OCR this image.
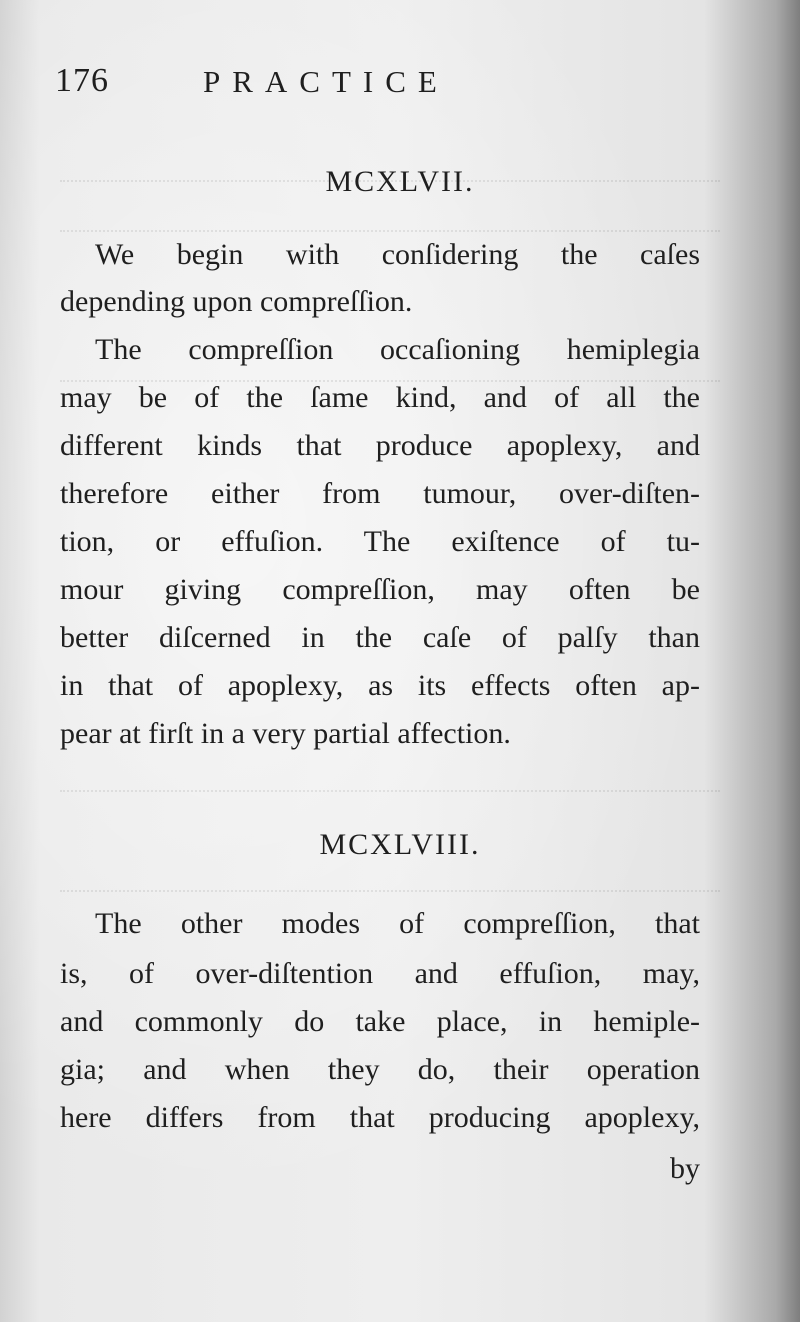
176	PRACTICE
MCXLVII.
We begin with conſidering the caſes
depending upon compreſſion.
The compreſſion occaſioning hemiplegia
may be of the ſame kind, and of all the
different kinds that produce apoplexy, and
therefore either from tumour, over-diſten-
tion, or effuſion. The exiſtence of tu-
mour giving compreſſion, may often be
better diſcerned in the caſe of palſy than
in that of apoplexy, as its effects often ap-
pear at firſt in a very partial affection.
MCXLVIII.
The other modes of compreſſion, that
is, of over-diſtention and effuſion, may,
and commonly do take place, in hemiple-
gia; and when they do, their operation
here differs from that producing apoplexy,
by
